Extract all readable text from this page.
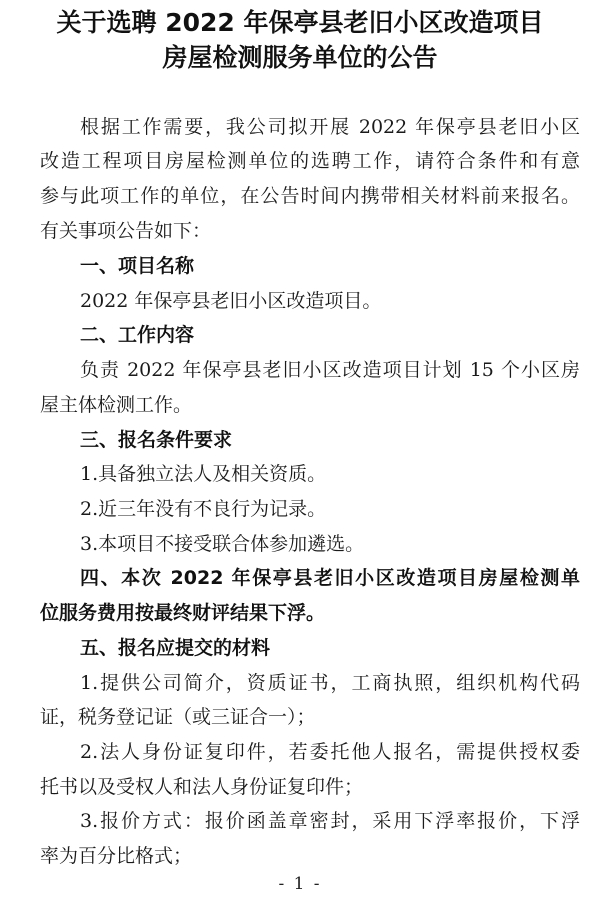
关于选聘 2022 年保亭县老旧小区改造项目
房屋检测服务单位的公告

根据工作需要，我公司拟开展 2022 年保亭县老旧小区

改造工程项目房屋检测单位的选聘工作，请符合条件和有意

参与此项工作的单位，在公告时间内携带相关材料前来报名。

有关事项公告如下：

一、项目名称

2022 年保亭县老旧小区改造项目。

二、工作内容

负责 2022 年保亭县老旧小区改造项目计划 15 个小区房

屋主体检测工作。

三、报名条件要求

1.具备独立法人及相关资质。

2.近三年没有不良行为记录。

3.本项目不接受联合体参加遴选。

四、本次 2022 年保亭县老旧小区改造项目房屋检测单

位服务费用按最终财评结果下浮。

五、报名应提交的材料

1.提供公司简介，资质证书，工商执照，组织机构代码

证，税务登记证（或三证合一）；

2.法人身份证复印件，若委托他人报名，需提供授权委

托书以及受权人和法人身份证复印件；

3.报价方式：报价函盖章密封，采用下浮率报价，下浮

率为百分比格式；

- 1 -
